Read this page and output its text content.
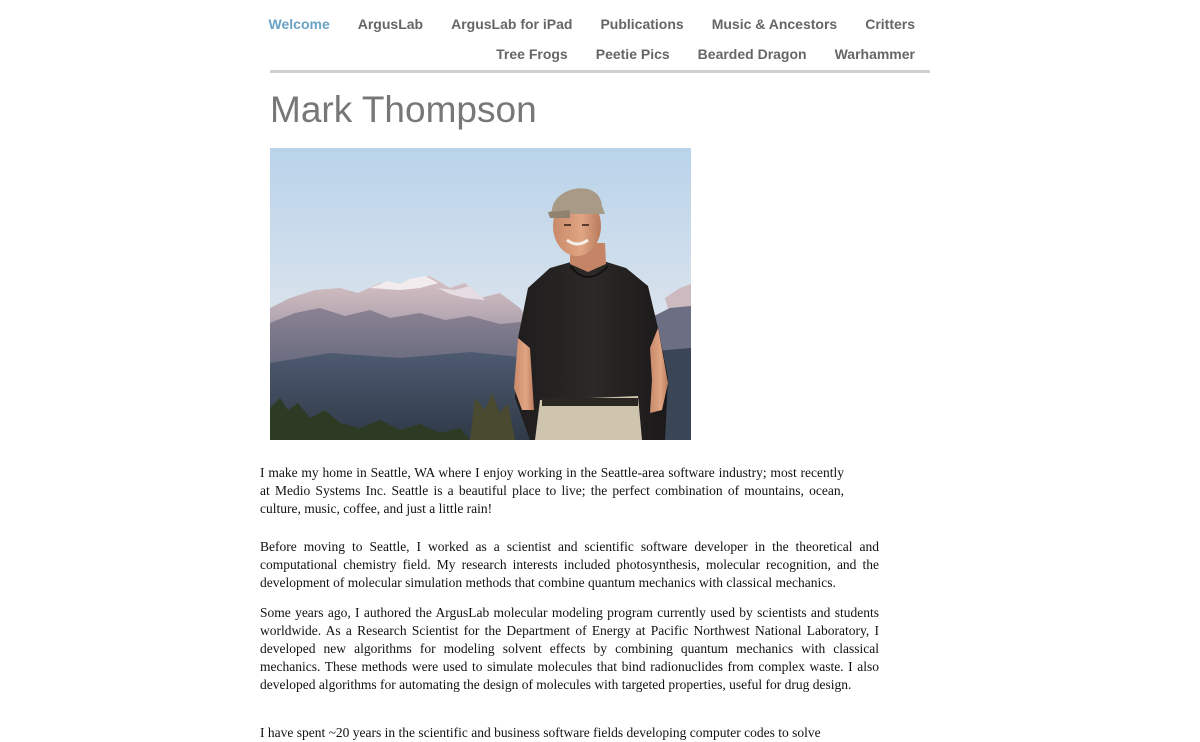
Welcome ArgusLab ArgusLab for iPad Publications Music & Ancestors Critters
Tree Frogs Peetie Pics Bearded Dragon Warhammer
Mark Thompson

I make my home in Seattle, WA where I enjoy working in the Seattle-area software industry; most recently at Medio Systems Inc. Seattle is a beautiful place to live; the perfect combination of mountains, ocean, culture, music, coffee, and just a little rain!

Before moving to Seattle, I worked as a scientist and scientific software developer in the theoretical and computational chemistry field. My research interests included photosynthesis, molecular recognition, and the development of molecular simulation methods that combine quantum mechanics with classical mechanics.

Some years ago, I authored the ArgusLab molecular modeling program currently used by scientists and students worldwide. As a Research Scientist for the Department of Energy at Pacific Northwest National Laboratory, I developed new algorithms for modeling solvent effects by combining quantum mechanics with classical mechanics. These methods were used to simulate molecules that bind radionuclides from complex waste. I also developed algorithms for automating the design of molecules with targeted properties, useful for drug design.

I have spent ~20 years in the scientific and business software fields developing computer codes to solve
